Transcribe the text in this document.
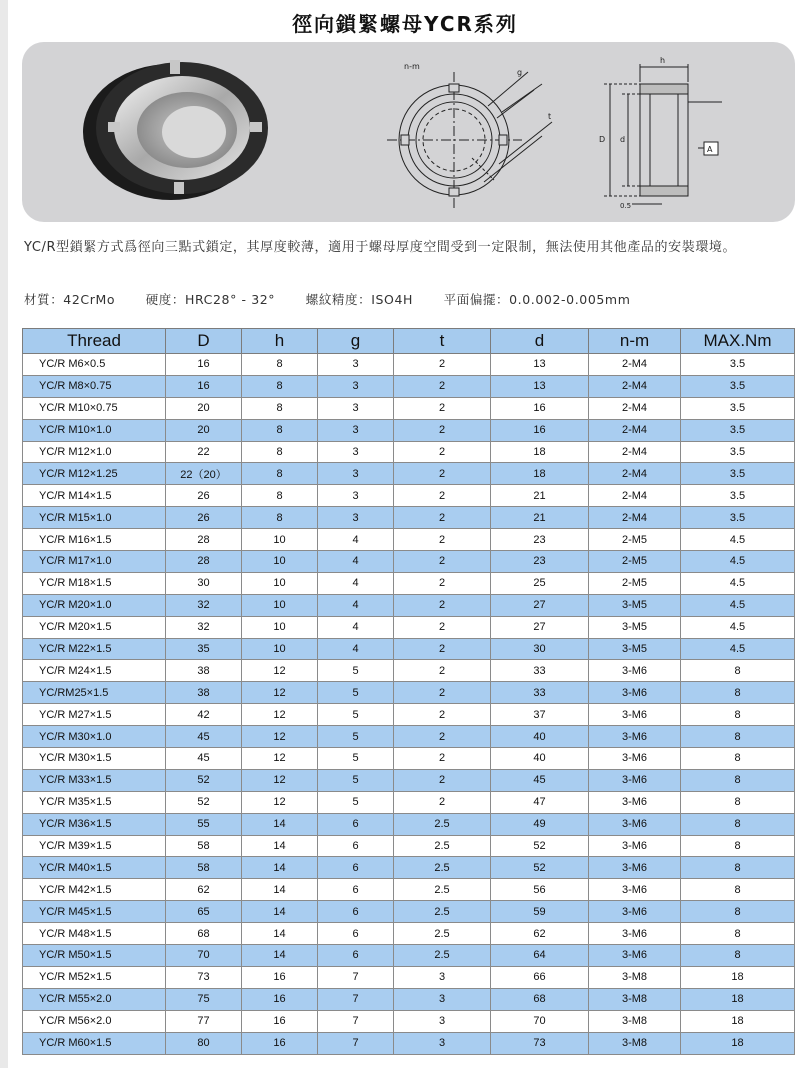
徑向鎖緊螺母YCR系列
n-m
g
t
h
D d
A
0.5
YC/R型鎖緊方式爲徑向三點式鎖定，其厚度較薄，適用于螺母厚度空間受到一定限制，無法使用其他產品的安裝環境。
材質：42CrMo 硬度：HRC28° - 32° 螺紋精度：ISO4H 平面偏擺：0.0.002-0.005mm
Thread	D	h	g	t	d	n-m	MAX.Nm
YC/R M6×0.5	16	8	3	2	13	2-M4	3.5
YC/R M8×0.75	16	8	3	2	13	2-M4	3.5
YC/R M10×0.75	20	8	3	2	16	2-M4	3.5
YC/R M10×1.0	20	8	3	2	16	2-M4	3.5
YC/R M12×1.0	22	8	3	2	18	2-M4	3.5
YC/R M12×1.25	22（20）	8	3	2	18	2-M4	3.5
YC/R M14×1.5	26	8	3	2	21	2-M4	3.5
YC/R M15×1.0	26	8	3	2	21	2-M4	3.5
YC/R M16×1.5	28	10	4	2	23	2-M5	4.5
YC/R M17×1.0	28	10	4	2	23	2-M5	4.5
YC/R M18×1.5	30	10	4	2	25	2-M5	4.5
YC/R M20×1.0	32	10	4	2	27	3-M5	4.5
YC/R M20×1.5	32	10	4	2	27	3-M5	4.5
YC/R M22×1.5	35	10	4	2	30	3-M5	4.5
YC/R M24×1.5	38	12	5	2	33	3-M6	8
YC/RM25×1.5	38	12	5	2	33	3-M6	8
YC/R M27×1.5	42	12	5	2	37	3-M6	8
YC/R M30×1.0	45	12	5	2	40	3-M6	8
YC/R M30×1.5	45	12	5	2	40	3-M6	8
YC/R M33×1.5	52	12	5	2	45	3-M6	8
YC/R M35×1.5	52	12	5	2	47	3-M6	8
YC/R M36×1.5	55	14	6	2.5	49	3-M6	8
YC/R M39×1.5	58	14	6	2.5	52	3-M6	8
YC/R M40×1.5	58	14	6	2.5	52	3-M6	8
YC/R M42×1.5	62	14	6	2.5	56	3-M6	8
YC/R M45×1.5	65	14	6	2.5	59	3-M6	8
YC/R M48×1.5	68	14	6	2.5	62	3-M6	8
YC/R M50×1.5	70	14	6	2.5	64	3-M6	8
YC/R M52×1.5	73	16	7	3	66	3-M8	18
YC/R M55×2.0	75	16	7	3	68	3-M8	18
YC/R M56×2.0	77	16	7	3	70	3-M8	18
YC/R M60×1.5	80	16	7	3	73	3-M8	18
